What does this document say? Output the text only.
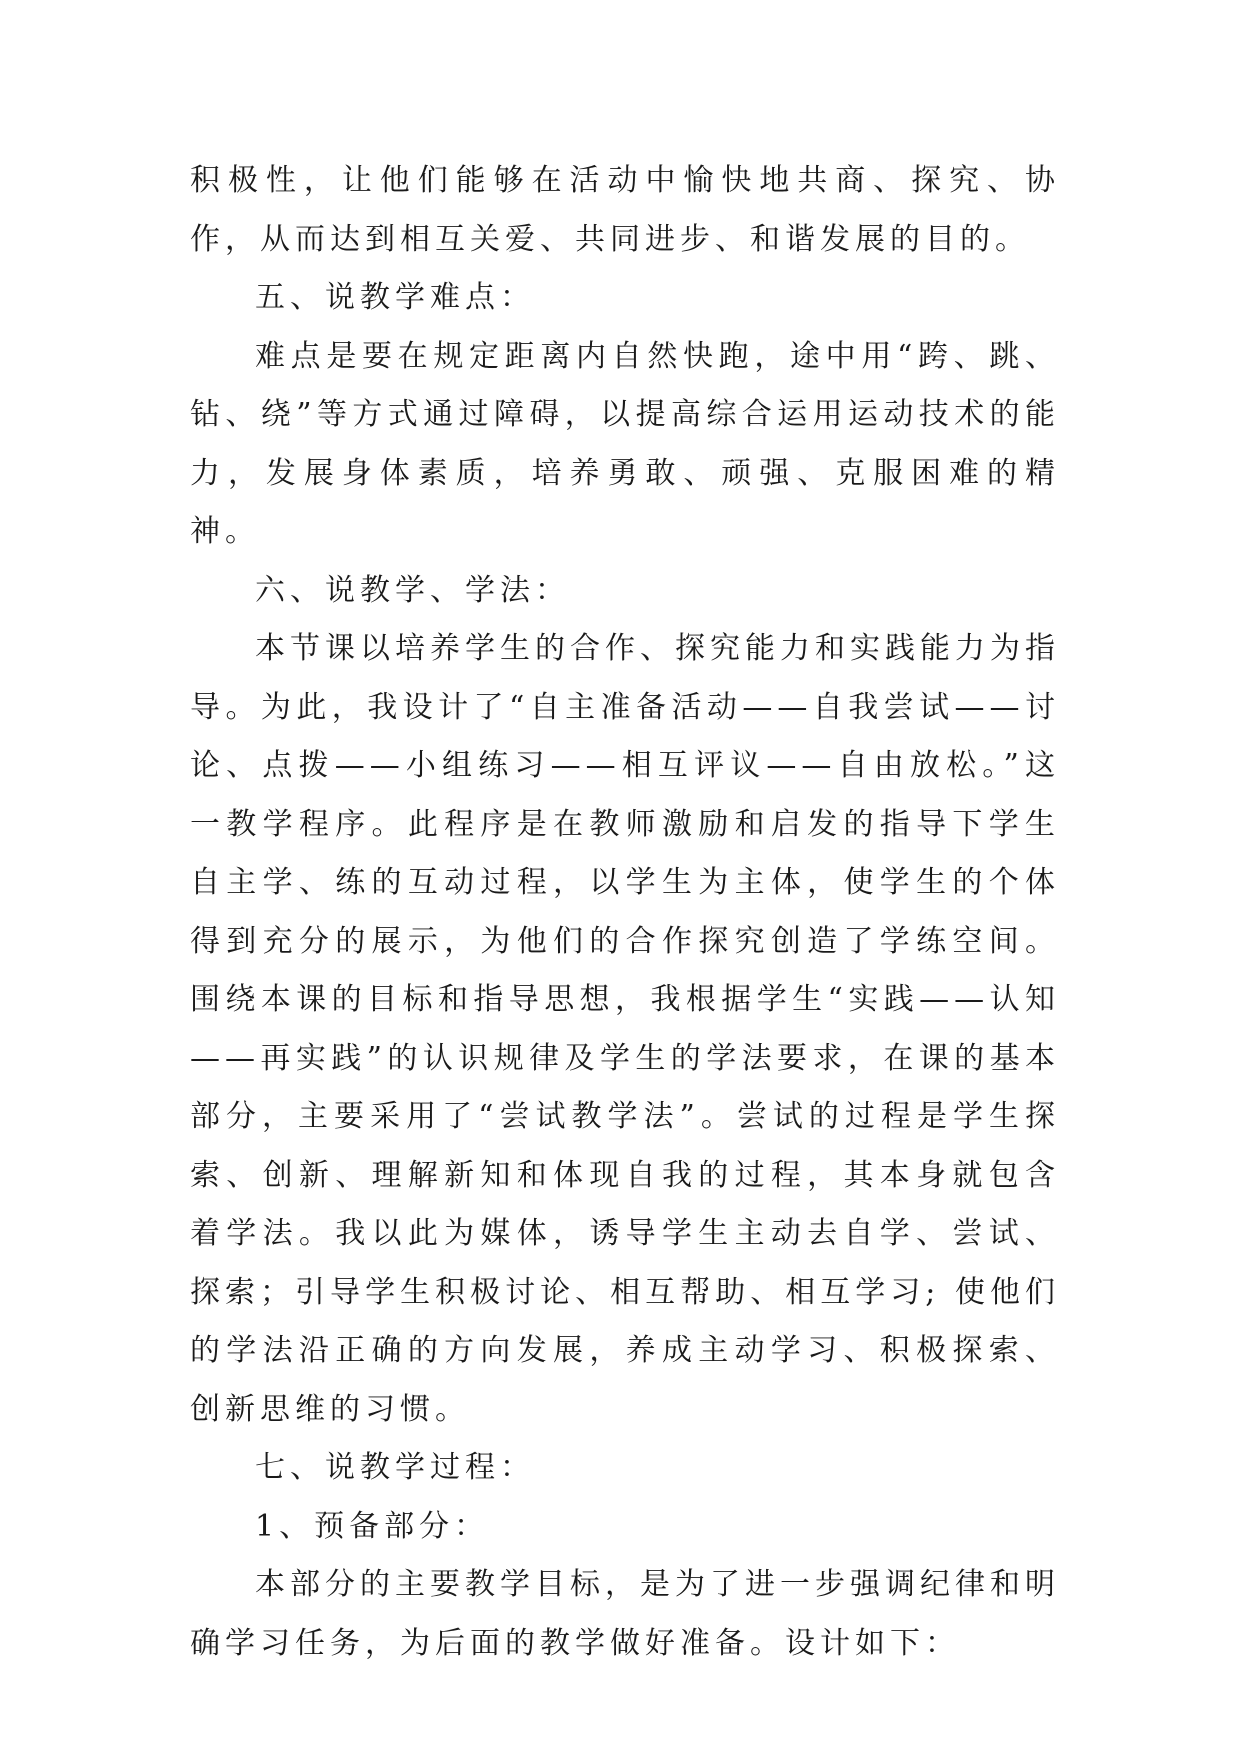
积极性，让他们能够在活动中愉快地共商、探究、协作，从而达到相互关爱、共同进步、和谐发展的目的。

五、说教学难点：

难点是要在规定距离内自然快跑，途中用“跨、跳、钻、绕”等方式通过障碍，以提高综合运用运动技术的能力，发展身体素质，培养勇敢、顽强、克服困难的精神。

六、说教学、学法：

本节课以培养学生的合作、探究能力和实践能力为指导。为此，我设计了“自主准备活动——自我尝试——讨论、点拨——小组练习——相互评议——自由放松。”这一教学程序。此程序是在教师激励和启发的指导下学生自主学、练的互动过程，以学生为主体，使学生的个体得到充分的展示，为他们的合作探究创造了学练空间。围绕本课的目标和指导思想，我根据学生“实践——认知——再实践”的认识规律及学生的学法要求，在课的基本部分，主要采用了“尝试教学法”。尝试的过程是学生探索、创新、理解新知和体现自我的过程，其本身就包含着学法。我以此为媒体，诱导学生主动去自学、尝试、探索；引导学生积极讨论、相互帮助、相互学习; 使他们的学法沿正确的方向发展，养成主动学习、积极探索、创新思维的习惯。

七、说教学过程：

1、预备部分：

本部分的主要教学目标，是为了进一步强调纪律和明确学习任务，为后面的教学做好准备。设计如下：
